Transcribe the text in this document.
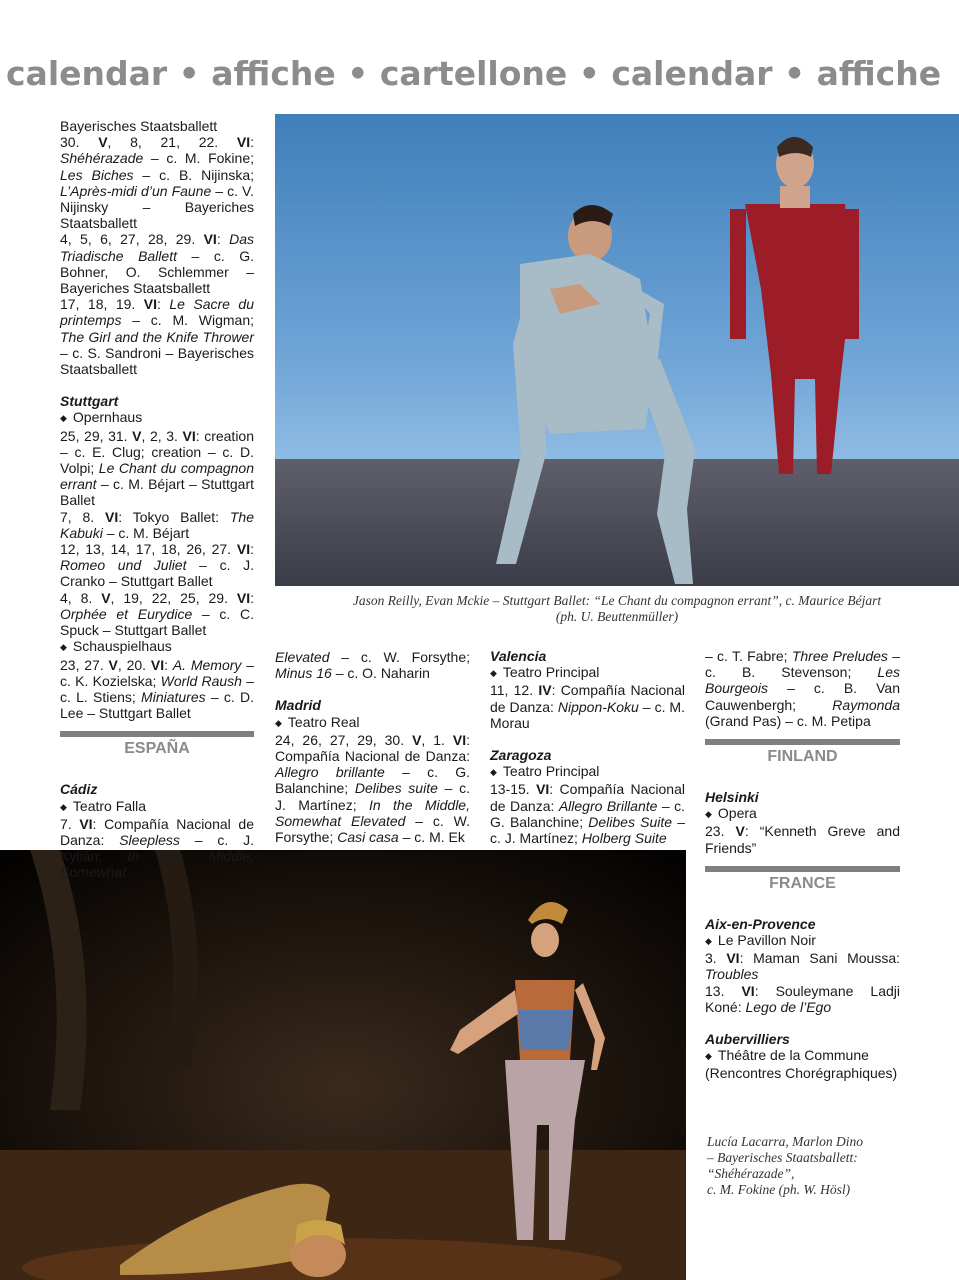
calendar • affiche • cartellone • calendar • affiche
Jason Reilly, Evan Mckie – Stuttgart Ballet: “Le Chant du compagnon errant”, c. Maurice Béjart
(ph. U. Beuttenmüller)
Lucía Lacarra, Marlon Dino
– Bayerisches Staatsballett:
“Shéhérazade”,
c. M. Fokine (ph. W. Hösl)

Bayerisches Staatsballett

30. V, 8, 21, 22. VI: Shéhérazade – c. M. Fokine; Les Biches – c. B. Nijinska; L’Après-midi d’un Faune – c. V. Nijinsky – Bayeriches Staatsballett

4, 5, 6, 27, 28, 29. VI: Das Triadische Ballett – c. G. Bohner, O. Schlemmer – Bayeriches Staatsballett

17, 18, 19. VI: Le Sacre du printemps – c. M. Wigman; The Girl and the Knife Thrower – c. S. Sandroni – Bayerisches Staatsballett

Stuttgart

◆ Opernhaus

25, 29, 31. V, 2, 3. VI: creation – c. E. Clug; creation – c. D. Volpi; Le Chant du compagnon errant – c. M. Béjart – Stuttgart Ballet

7, 8. VI: Tokyo Ballet: The Kabuki – c. M. Béjart

12, 13, 14, 17, 18, 26, 27. VI: Romeo und Juliet – c. J. Cranko – Stuttgart Ballet

4, 8. V, 19, 22, 25, 29. VI: Orphée et Eurydice – c. C. Spuck – Stuttgart Ballet

◆ Schauspielhaus

23, 27. V, 20. VI: A. Memory – c. K. Kozielska; World Raush – c. L. Stiens; Miniatures – c. D. Lee – Stuttgart Ballet

ESPAÑA

Cádiz

◆ Teatro Falla

7. VI: Compañía Nacional de Danza: Sleepless – c. J. Kylián; In the Middle, Somewhat

Elevated – c. W. Forsythe; Minus 16 – c. O. Naharin

Madrid

◆ Teatro Real

24, 26, 27, 29, 30. V, 1. VI: Compañía Nacional de Danza: Allegro brillante – c. G. Balanchine; Delibes suite – c. J. Martínez; In the Middle, Somewhat Elevated – c. W. Forsythe; Casi casa – c. M. Ek

Valencia

◆ Teatro Principal

11, 12. IV: Compañía Nacional de Danza: Nippon-Koku – c. M. Morau

Zaragoza

◆ Teatro Principal

13-15. VI: Compañía Nacional de Danza: Allegro Brillante – c. G. Balanchine; Delibes Suite – c. J. Martínez; Holberg Suite

– c. T. Fabre; Three Preludes – c. B. Stevenson; Les Bourgeois – c. B. Van Cauwenbergh; Raymonda (Grand Pas) – c. M. Petipa

FINLAND

Helsinki

◆ Opera

23. V: “Kenneth Greve and Friends”

FRANCE

Aix-en-Provence

◆ Le Pavillon Noir

3. VI: Maman Sani Moussa: Troubles

13. VI: Souleymane Ladji Koné: Lego de l’Ego

Aubervilliers

◆ Théâtre de la Commune

(Rencontres Chorégraphiques)
